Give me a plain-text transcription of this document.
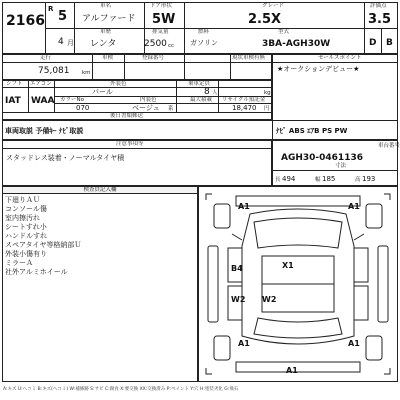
2166
R 5
4 月
車名
アルファード
ドア形状
5W
グレード
2.5X
評価点
3.5
車歴
レンタ
排気量
2500 cc
燃料
ガソリン
型式
3BA-AGH30W	D B
走行	車検	登録番号	現状車検有無
75,081 km
セールスポイント
★オークションデビュー★
シフト エアコン	外装色	乗車定員
IAT WAA
パール	8 人	kg
カラーNo	内装色	最大積載 リサイクル預託金
070	ベージュ 系	18,470 円
後日書類郵送
車両取説 予備ｷｰ ﾅﾋﾞ取説	ﾅﾋﾞ ABS ｴｱB PS PW
注意事項等
スタッドレス装着・ノーマルタイヤ積
車台番号
AGH30-0461136
寸法
長 494	幅 185	高 193
検査員記入欄
下廻りＡＵ
コンソール傷
室内擦汚れ
シートすれ小
ハンドルすれ
スペアタイヤ等格納部Ｕ
外装小傷有り
ミラーＡ
社外アルミホイール
A1	A1
X1
B4
W2 W2
A1	A1
A1
A:キズ U:へコミ B:キズ(ヘコミ) W:補修跡 S:サビ C:腐食 X:要交換 XX:交換済み P:ペイント Y:穴 H:塗装劣化 G:飛石
